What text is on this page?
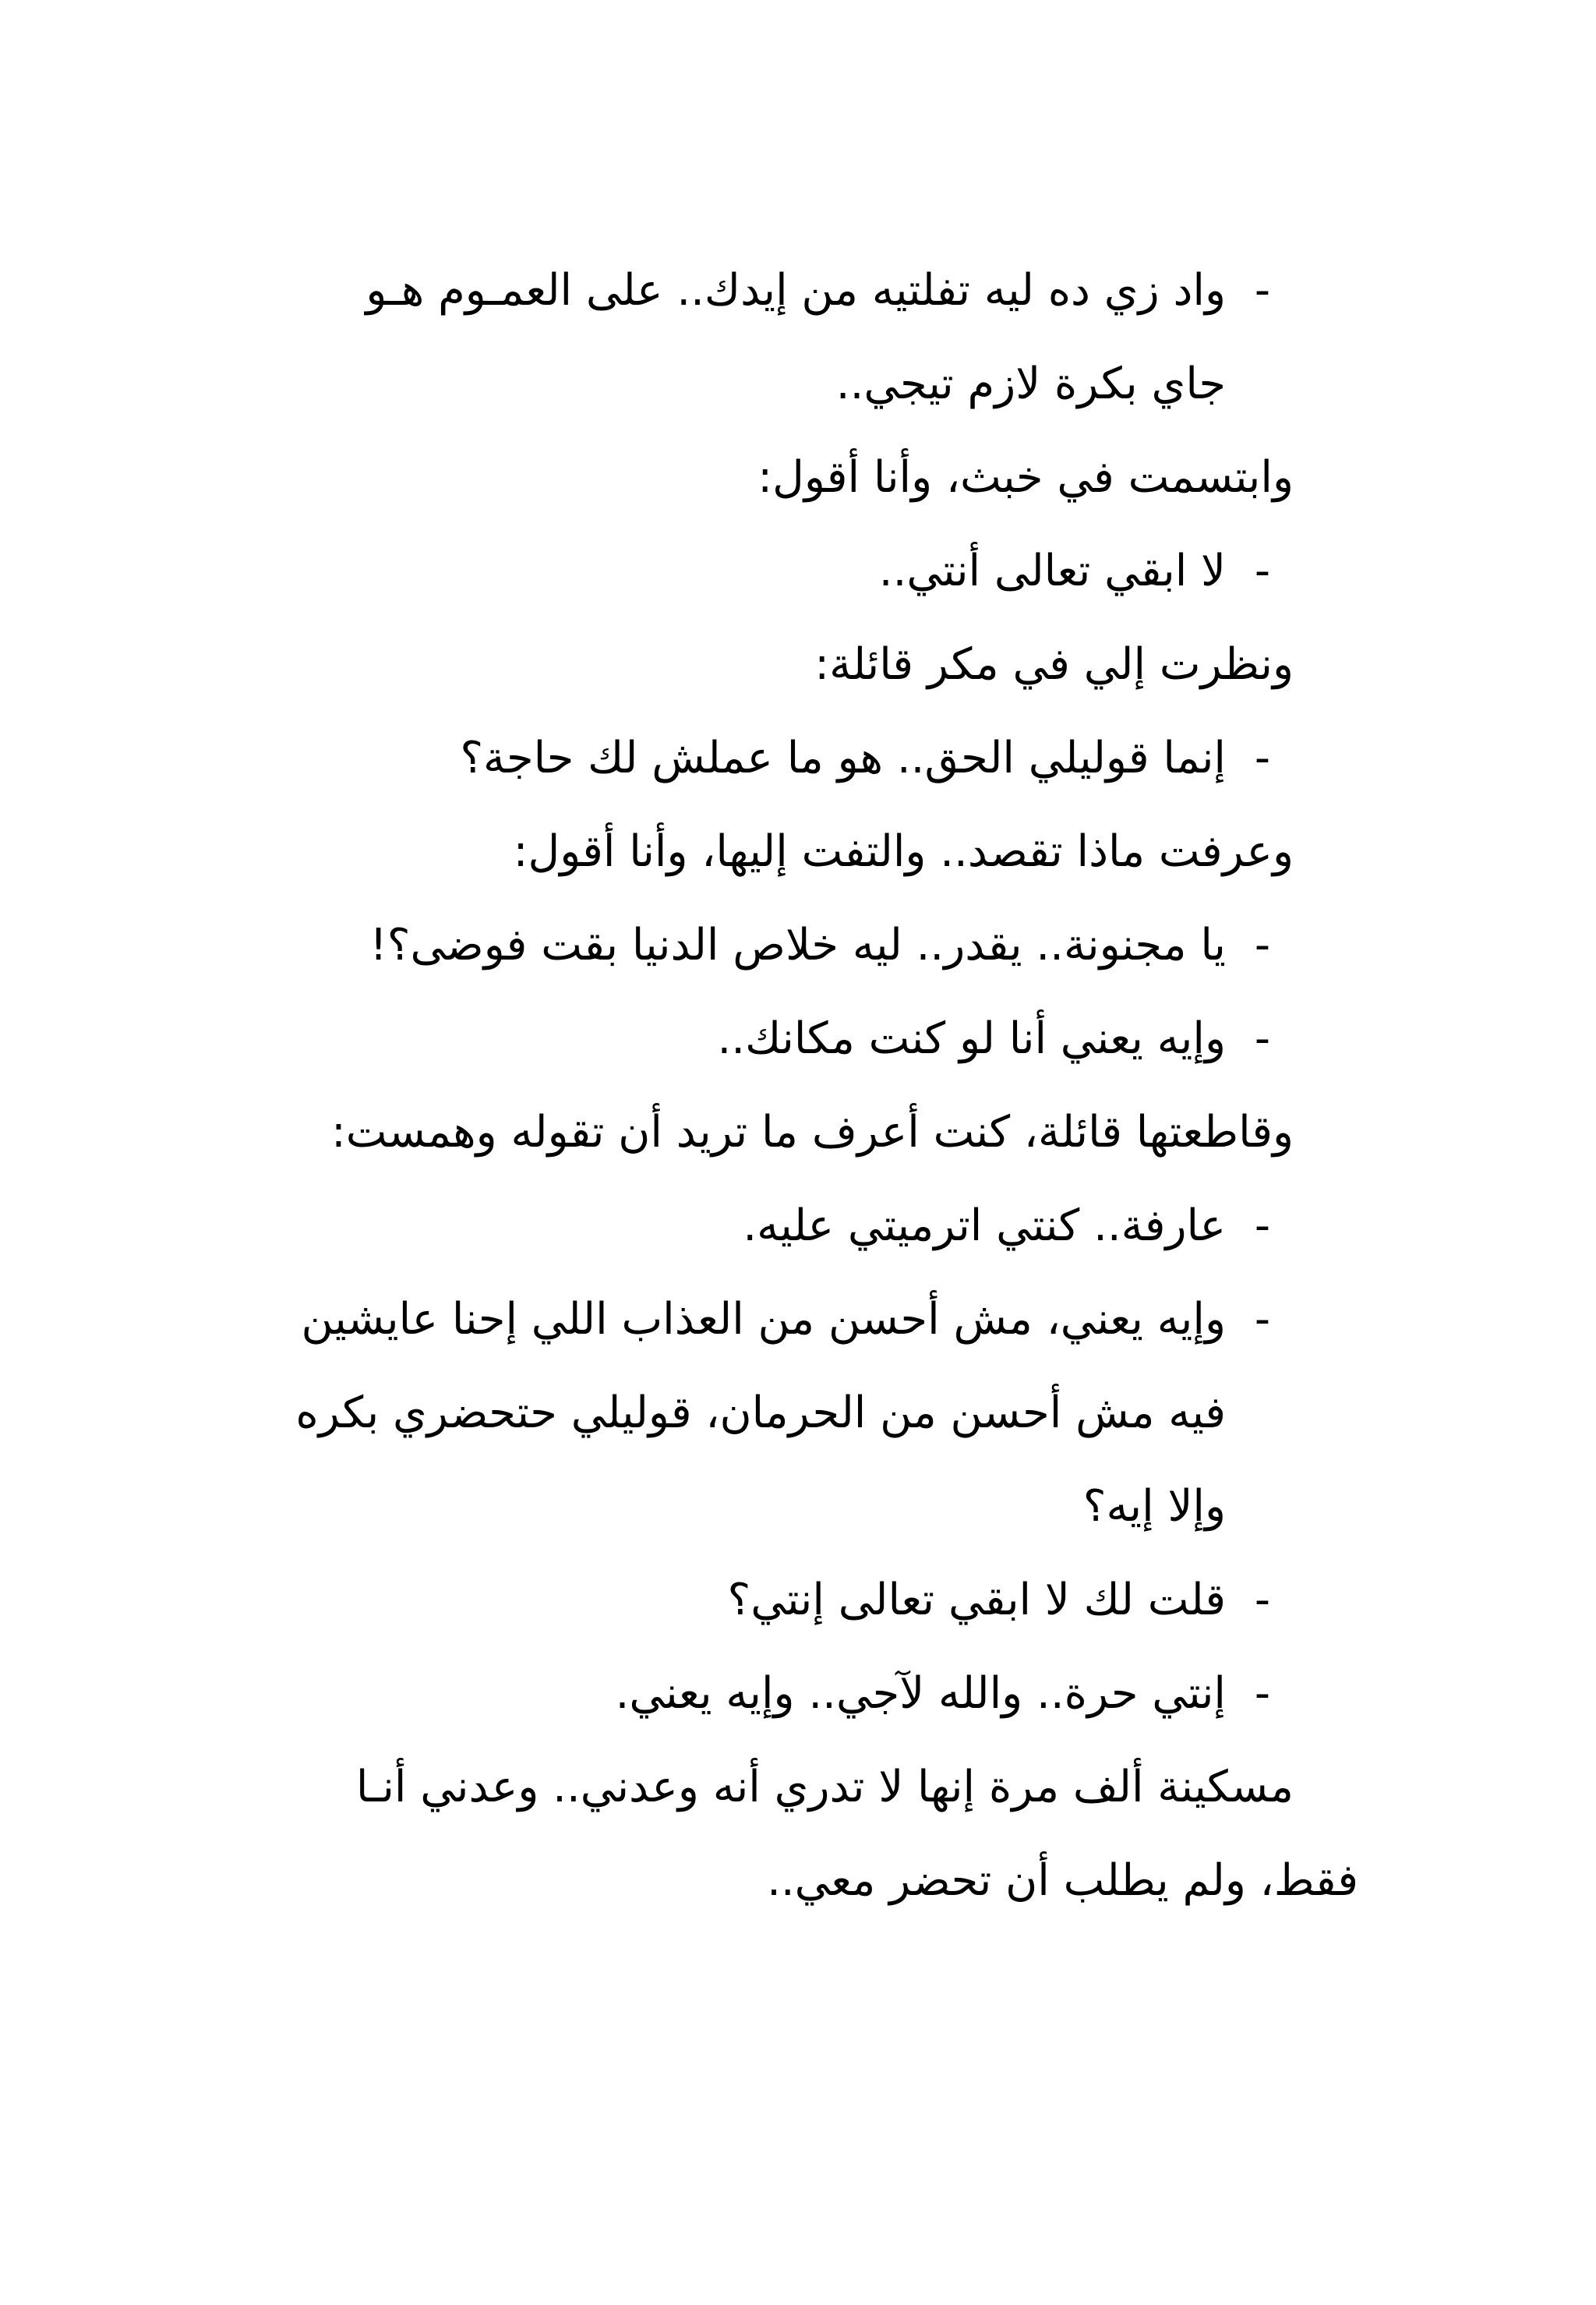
-
واد زي ده ليه تفلتيه من إيدك.. على العمـوم هـو
جاي بكرة لازم تيجي..
وابتسمت في خبث، وأنا أقول:
-
لا ابقي تعالى أنتي..
ونظرت إلي في مكر قائلة:
-
إنما قوليلي الحق.. هو ما عملش لك حاجة؟
وعرفت ماذا تقصد.. والتفت إليها، وأنا أقول:
-
يا مجنونة.. يقدر.. ليه خلاص الدنيا بقت فوضى؟!
-
وإيه يعني أنا لو كنت مكانك..
وقاطعتها قائلة، كنت أعرف ما تريد أن تقوله وهمست:
-
عارفة.. كنتي اترميتي عليه.
-
وإيه يعني، مش أحسن من العذاب اللي إحنا عايشين
فيه مش أحسن من الحرمان، قوليلي حتحضري بكره
وإلا إيه؟
-
قلت لك لا ابقي تعالى إنتي؟
-
إنتي حرة.. والله لآجي.. وإيه يعني.
مسكينة ألف مرة إنها لا تدري أنه وعدني.. وعدني أنـا
فقط، ولم يطلب أن تحضر معي..
